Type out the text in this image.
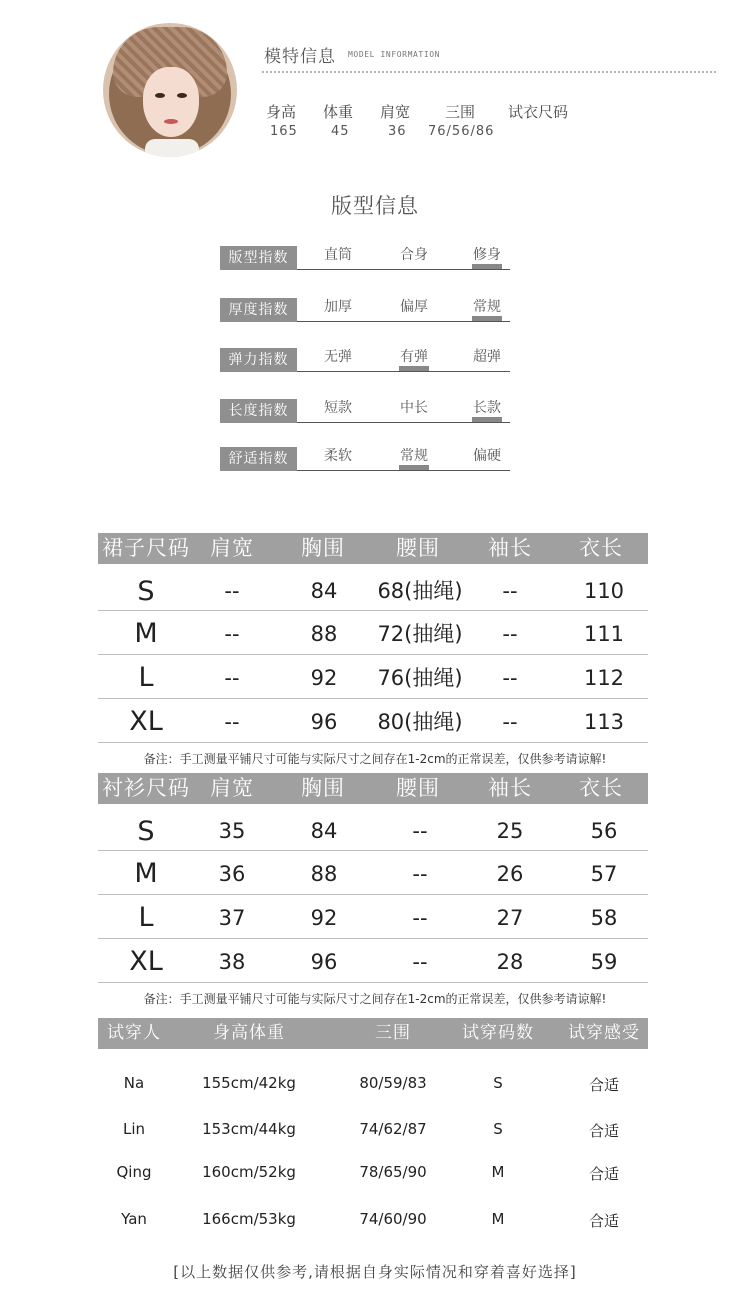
模特信息 MODEL INFORMATION
身高 体重 肩宽 三围 试衣尺码
165	45	36 76/56/86
版型信息
版型指数	直筒	合身	修身
厚度指数	加厚	偏厚	常规
弹力指数	无弹	有弹	超弹
长度指数	短款	中长	长款
舒适指数	柔软	常规	偏硬
裙子尺码 肩宽 胸围 腰围 袖长 衣长
S	--	84	68(抽绳)	--	110
M	--	88	72(抽绳)	--	111
L	--	92	76(抽绳)	--	112
XL	--	96	80(抽绳)	--	113
备注：手工测量平铺尺寸可能与实际尺寸之间存在1-2cm的正常误差，仅供参考请谅解!
衬衫尺码 肩宽 胸围 腰围 袖长 衣长
S	35	84	--	25	56
M	36	88	--	26	57
L	37	92	--	27	58
XL	38	96	--	28	59
备注：手工测量平铺尺寸可能与实际尺寸之间存在1-2cm的正常误差，仅供参考请谅解!
试穿人	身高体重	三围	试穿码数	试穿感受
Na	155cm/42kg	80/59/83	S	合适
Lin	153cm/44kg	74/62/87	S	合适
Qing	160cm/52kg	78/65/90	M	合适
Yan	166cm/53kg	74/60/90	M	合适
[以上数据仅供参考,请根据自身实际情况和穿着喜好选择]
